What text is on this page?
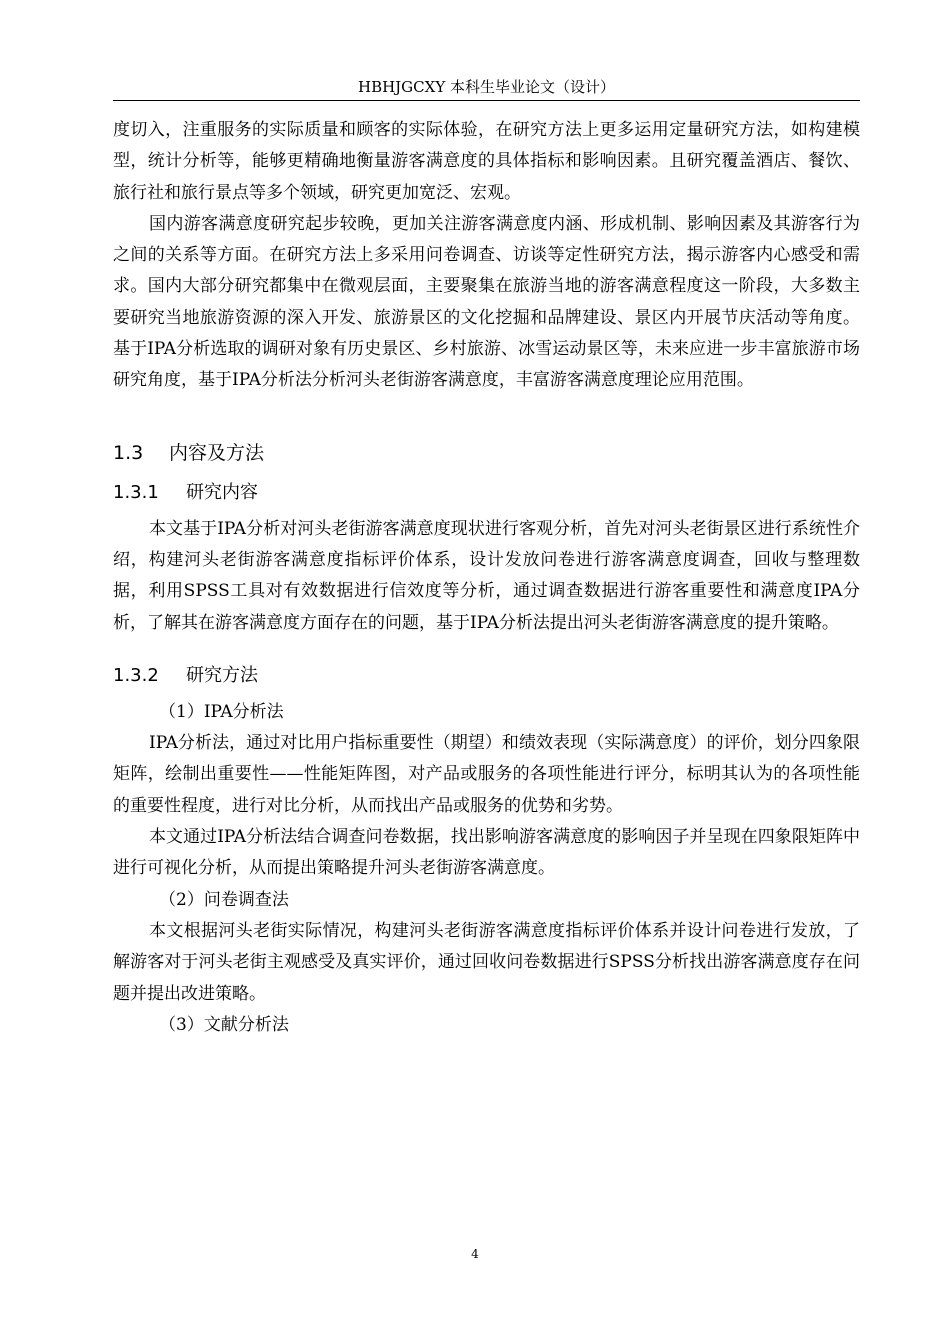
HBHJGCXY 本科生毕业论文（设计）

度切入，注重服务的实际质量和顾客的实际体验，在研究方法上更多运用定量研究方法，如构建模型，统计分析等，能够更精确地衡量游客满意度的具体指标和影响因素。且研究覆盖酒店、餐饮、旅行社和旅行景点等多个领域，研究更加宽泛、宏观。

国内游客满意度研究起步较晚，更加关注游客满意度内涵、形成机制、影响因素及其游客行为之间的关系等方面。在研究方法上多采用问卷调查、访谈等定性研究方法，揭示游客内心感受和需求。国内大部分研究都集中在微观层面，主要聚集在旅游当地的游客满意程度这一阶段，大多数主要研究当地旅游资源的深入开发、旅游景区的文化挖掘和品牌建设、景区内开展节庆活动等角度。基于IPA分析选取的调研对象有历史景区、乡村旅游、冰雪运动景区等，未来应进一步丰富旅游市场研究角度，基于IPA分析法分析河头老街游客满意度，丰富游客满意度理论应用范围。

1.3 内容及方法
1.3.1 研究内容

本文基于IPA分析对河头老街游客满意度现状进行客观分析，首先对河头老街景区进行系统性介绍，构建河头老街游客满意度指标评价体系，设计发放问卷进行游客满意度调查，回收与整理数据，利用SPSS工具对有效数据进行信效度等分析，通过调查数据进行游客重要性和满意度IPA分析，了解其在游客满意度方面存在的问题，基于IPA分析法提出河头老街游客满意度的提升策略。

1.3.2 研究方法

（1）IPA分析法

IPA分析法，通过对比用户指标重要性（期望）和绩效表现（实际满意度）的评价，划分四象限矩阵，绘制出重要性——性能矩阵图，对产品或服务的各项性能进行评分，标明其认为的各项性能的重要性程度，进行对比分析，从而找出产品或服务的优势和劣势。

本文通过IPA分析法结合调查问卷数据，找出影响游客满意度的影响因子并呈现在四象限矩阵中进行可视化分析，从而提出策略提升河头老街游客满意度。

（2）问卷调查法

本文根据河头老街实际情况，构建河头老街游客满意度指标评价体系并设计问卷进行发放，了解游客对于河头老街主观感受及真实评价，通过回收问卷数据进行SPSS分析找出游客满意度存在问题并提出改进策略。

（3）文献分析法

4
